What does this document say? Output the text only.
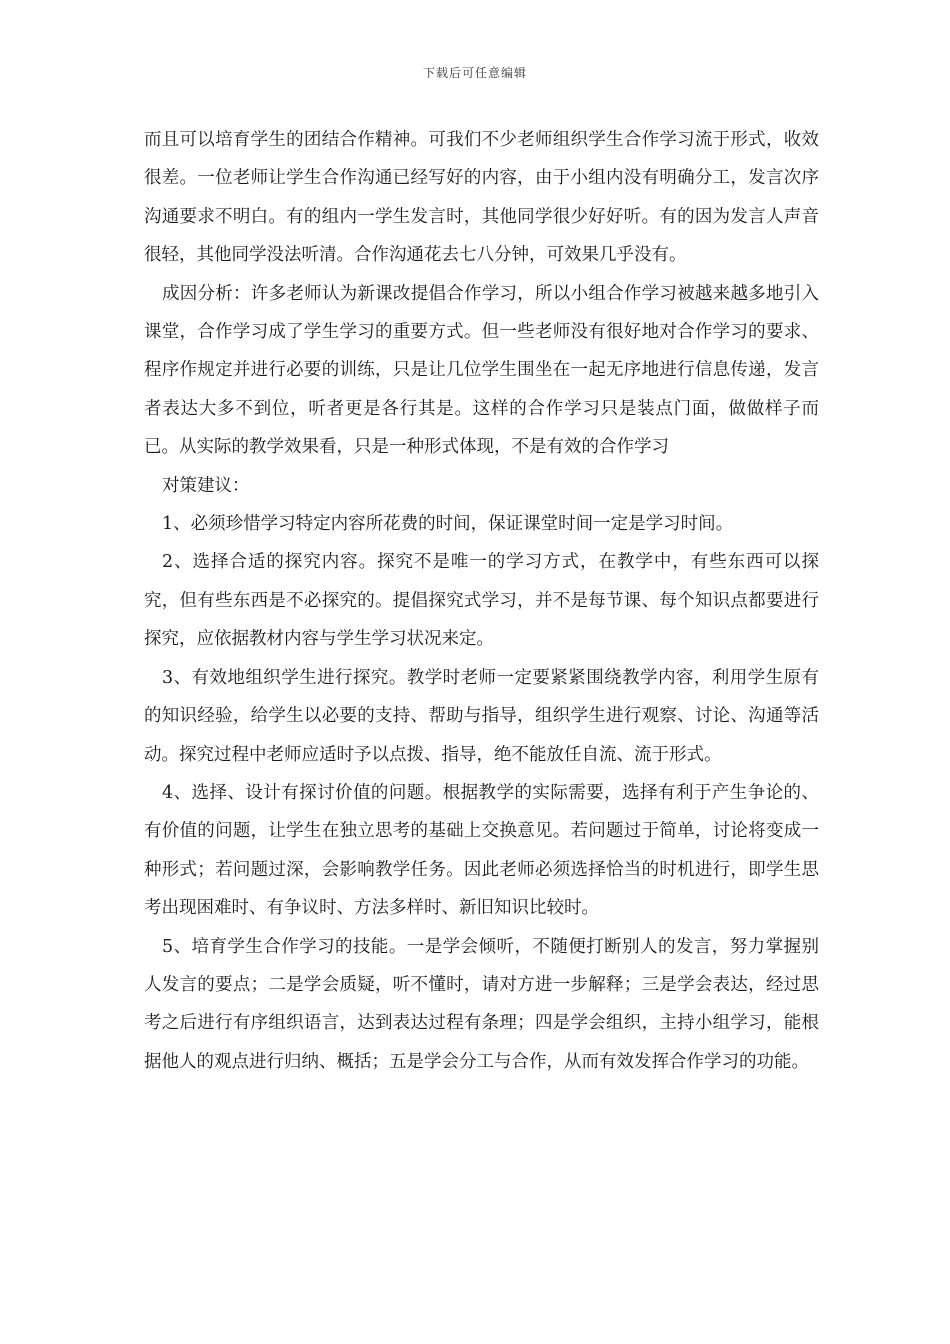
下载后可任意编辑

而且可以培育学生的团结合作精神。可我们不少老师组织学生合作学习流于形式，收效很差。一位老师让学生合作沟通已经写好的内容，由于小组内没有明确分工，发言次序沟通要求不明白。有的组内一学生发言时，其他同学很少好好听。有的因为发言人声音很轻，其他同学没法听清。合作沟通花去七八分钟，可效果几乎没有。

成因分析：许多老师认为新课改提倡合作学习，所以小组合作学习被越来越多地引入课堂，合作学习成了学生学习的重要方式。但一些老师没有很好地对合作学习的要求、程序作规定并进行必要的训练，只是让几位学生围坐在一起无序地进行信息传递，发言者表达大多不到位，听者更是各行其是。这样的合作学习只是装点门面，做做样子而已。从实际的教学效果看，只是一种形式体现，不是有效的合作学习

对策建议：

1、必须珍惜学习特定内容所花费的时间，保证课堂时间一定是学习时间。

2、选择合适的探究内容。探究不是唯一的学习方式，在教学中，有些东西可以探究，但有些东西是不必探究的。提倡探究式学习，并不是每节课、每个知识点都要进行探究，应依据教材内容与学生学习状况来定。

3、有效地组织学生进行探究。教学时老师一定要紧紧围绕教学内容，利用学生原有的知识经验，给学生以必要的支持、帮助与指导，组织学生进行观察、讨论、沟通等活动。探究过程中老师应适时予以点拨、指导，绝不能放任自流、流于形式。

4、选择、设计有探讨价值的问题。根据教学的实际需要，选择有利于产生争论的、有价值的问题，让学生在独立思考的基础上交换意见。若问题过于简单，讨论将变成一种形式；若问题过深，会影响教学任务。因此老师必须选择恰当的时机进行，即学生思考出现困难时、有争议时、方法多样时、新旧知识比较时。

5、培育学生合作学习的技能。一是学会倾听，不随便打断别人的发言，努力掌握别人发言的要点；二是学会质疑，听不懂时，请对方进一步解释；三是学会表达，经过思考之后进行有序组织语言，达到表达过程有条理；四是学会组织，主持小组学习，能根据他人的观点进行归纳、概括；五是学会分工与合作，从而有效发挥合作学习的功能。
